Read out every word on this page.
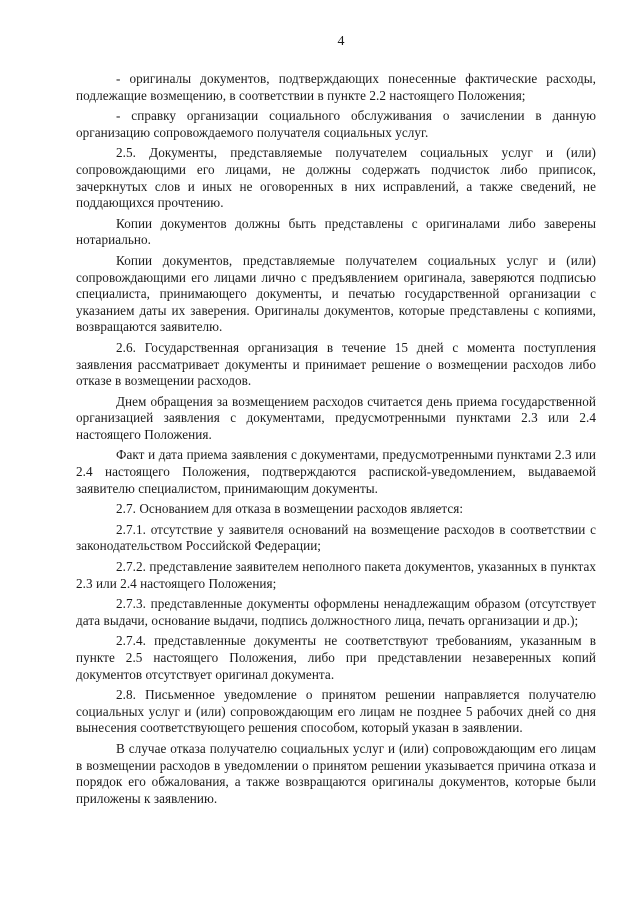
4

- оригиналы документов, подтверждающих понесенные фактические расходы, подлежащие возмещению, в соответствии в пункте 2.2 настоящего Положения;

- справку организации социального обслуживания о зачислении в данную организацию сопровождаемого получателя социальных услуг.

2.5. Документы, представляемые получателем социальных услуг и (или) сопровождающими его лицами, не должны содержать подчисток либо приписок, зачеркнутых слов и иных не оговоренных в них исправлений, а также сведений, не поддающихся прочтению.

Копии документов должны быть представлены с оригиналами либо заверены нотариально.

Копии документов, представляемые получателем социальных услуг и (или) сопровождающими его лицами лично с предъявлением оригинала, заверяются подписью специалиста, принимающего документы, и печатью государственной организации с указанием даты их заверения. Оригиналы документов, которые представлены с копиями, возвращаются заявителю.

2.6. Государственная организация в течение 15 дней с момента поступления заявления рассматривает документы и принимает решение о возмещении расходов либо отказе в возмещении расходов.

Днем обращения за возмещением расходов считается день приема государственной организацией заявления с документами, предусмотренными пунктами 2.3 или 2.4 настоящего Положения.

Факт и дата приема заявления с документами, предусмотренными пунктами 2.3 или 2.4 настоящего Положения, подтверждаются распиской-уведомлением, выдаваемой заявителю специалистом, принимающим документы.

2.7. Основанием для отказа в возмещении расходов является:

2.7.1. отсутствие у заявителя оснований на возмещение расходов в соответствии с законодательством Российской Федерации;

2.7.2. представление заявителем неполного пакета документов, указанных в пунктах 2.3 или 2.4 настоящего Положения;

2.7.3. представленные документы оформлены ненадлежащим образом (отсутствует дата выдачи, основание выдачи, подпись должностного лица, печать организации и др.);

2.7.4. представленные документы не соответствуют требованиям, указанным в пункте 2.5 настоящего Положения, либо при представлении незаверенных копий документов отсутствует оригинал документа.

2.8. Письменное уведомление о принятом решении направляется получателю социальных услуг и (или) сопровождающим его лицам не позднее 5 рабочих дней со дня вынесения соответствующего решения способом, который указан в заявлении.

В случае отказа получателю социальных услуг и (или) сопровождающим его лицам в возмещении расходов в уведомлении о принятом решении указывается причина отказа и порядок его обжалования, а также возвращаются оригиналы документов, которые были приложены к заявлению.
